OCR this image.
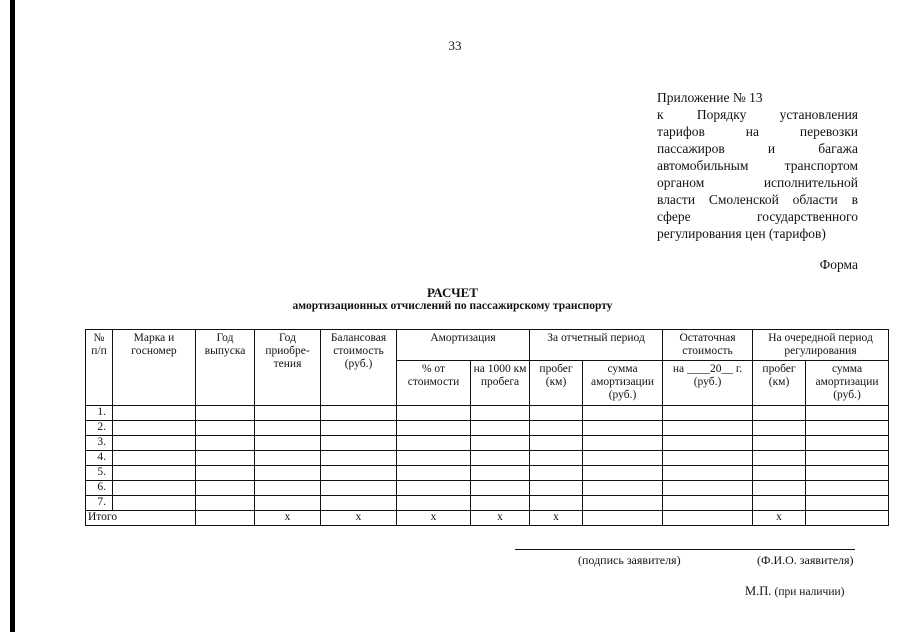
33
Приложение № 13
к Порядку установления
тарифов	на	перевозки
пассажиров	и	багажа
автомобильным	транспортом
органом	исполнительной
власти Смоленской области в
сфере	государственного
регулирования цен (тарифов)
Форма
РАСЧЕТ
амортизационных отчислений по пассажирскому транспорту
№ п/п	Марка и госномер	Год выпуска	Год приобре-тения	Балансовая стоимость (руб.)	Амортизация		За отчетный период		Остаточная стоимость	На очередной период регулирования		
					% от стоимости	на 1000 км пробега	пробег (км)	сумма амортизации (руб.)	на ____20__ г. (руб.)	пробег (км)	сумма амортизации (руб.)	
1.												
2.												
3.												
4.												
5.												
6.												
7.												
Итого			х	х	х	х	х			х		
(подпись заявителя)	(Ф.И.О. заявителя)
М.П. (при наличии)
